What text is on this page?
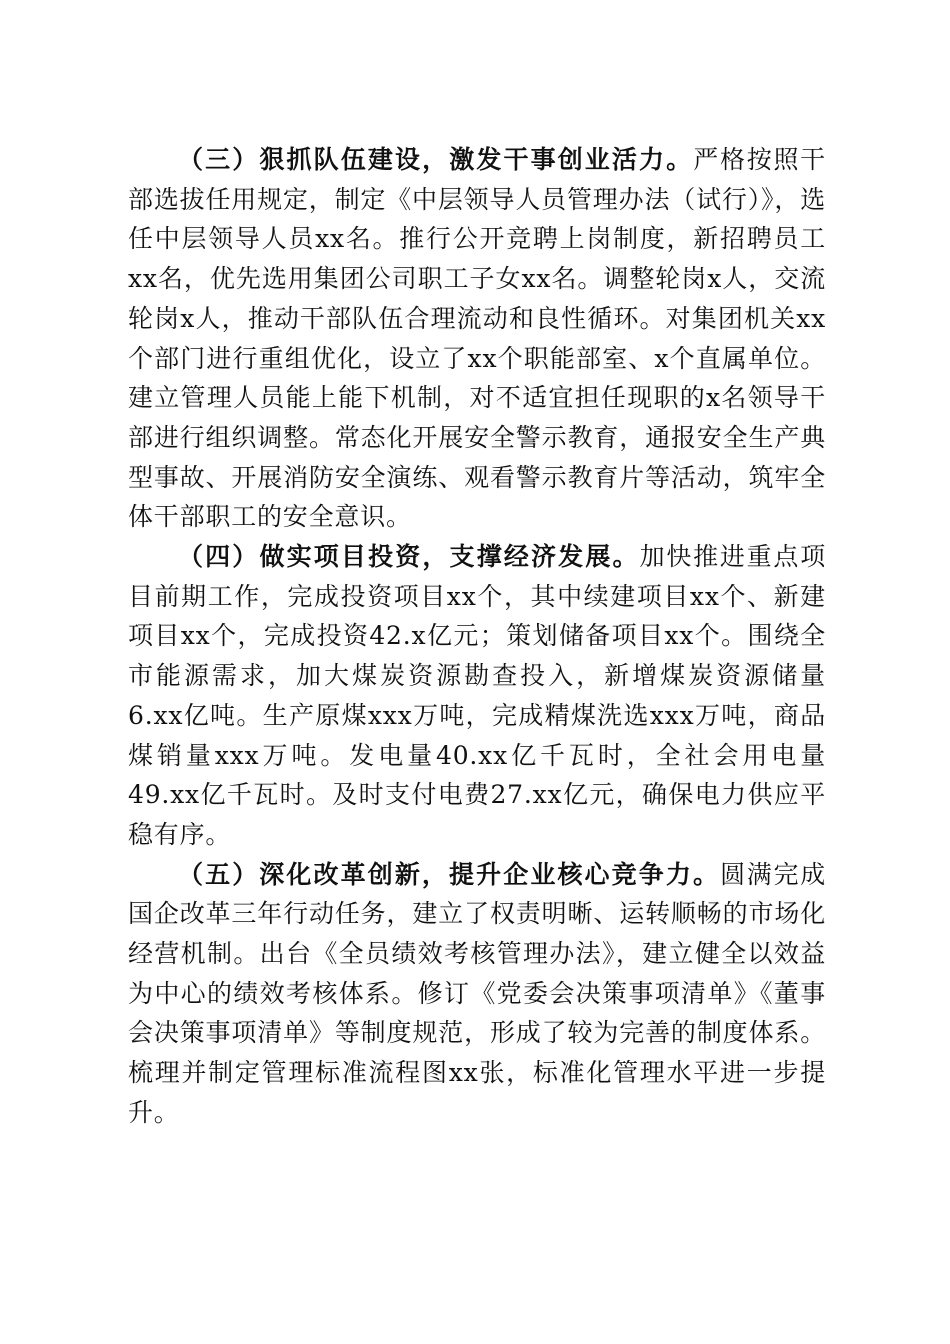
（三）狠抓队伍建设，激发干事创业活力。严格按照干部选拔任用规定，制定《中层领导人员管理办法（试行）》，选任中层领导人员xx名。推行公开竞聘上岗制度，新招聘员工xx名，优先选用集团公司职工子女xx名。调整轮岗x人，交流轮岗x人，推动干部队伍合理流动和良性循环。对集团机关xx个部门进行重组优化，设立了xx个职能部室、x个直属单位。建立管理人员能上能下机制，对不适宜担任现职的x名领导干部进行组织调整。常态化开展安全警示教育，通报安全生产典型事故、开展消防安全演练、观看警示教育片等活动，筑牢全体干部职工的安全意识。

（四）做实项目投资，支撑经济发展。加快推进重点项目前期工作，完成投资项目xx个，其中续建项目xx个、新建项目xx个，完成投资42.x亿元；策划储备项目xx个。围绕全市能源需求，加大煤炭资源勘查投入，新增煤炭资源储量6.xx亿吨。生产原煤xxx万吨，完成精煤洗选xxx万吨，商品煤销量xxx万吨。发电量40.xx亿千瓦时，全社会用电量49.xx亿千瓦时。及时支付电费27.xx亿元，确保电力供应平稳有序。

（五）深化改革创新，提升企业核心竞争力。圆满完成国企改革三年行动任务，建立了权责明晰、运转顺畅的市场化经营机制。出台《全员绩效考核管理办法》，建立健全以效益为中心的绩效考核体系。修订《党委会决策事项清单》《董事会决策事项清单》等制度规范，形成了较为完善的制度体系。梳理并制定管理标准流程图xx张，标准化管理水平进一步提升。
